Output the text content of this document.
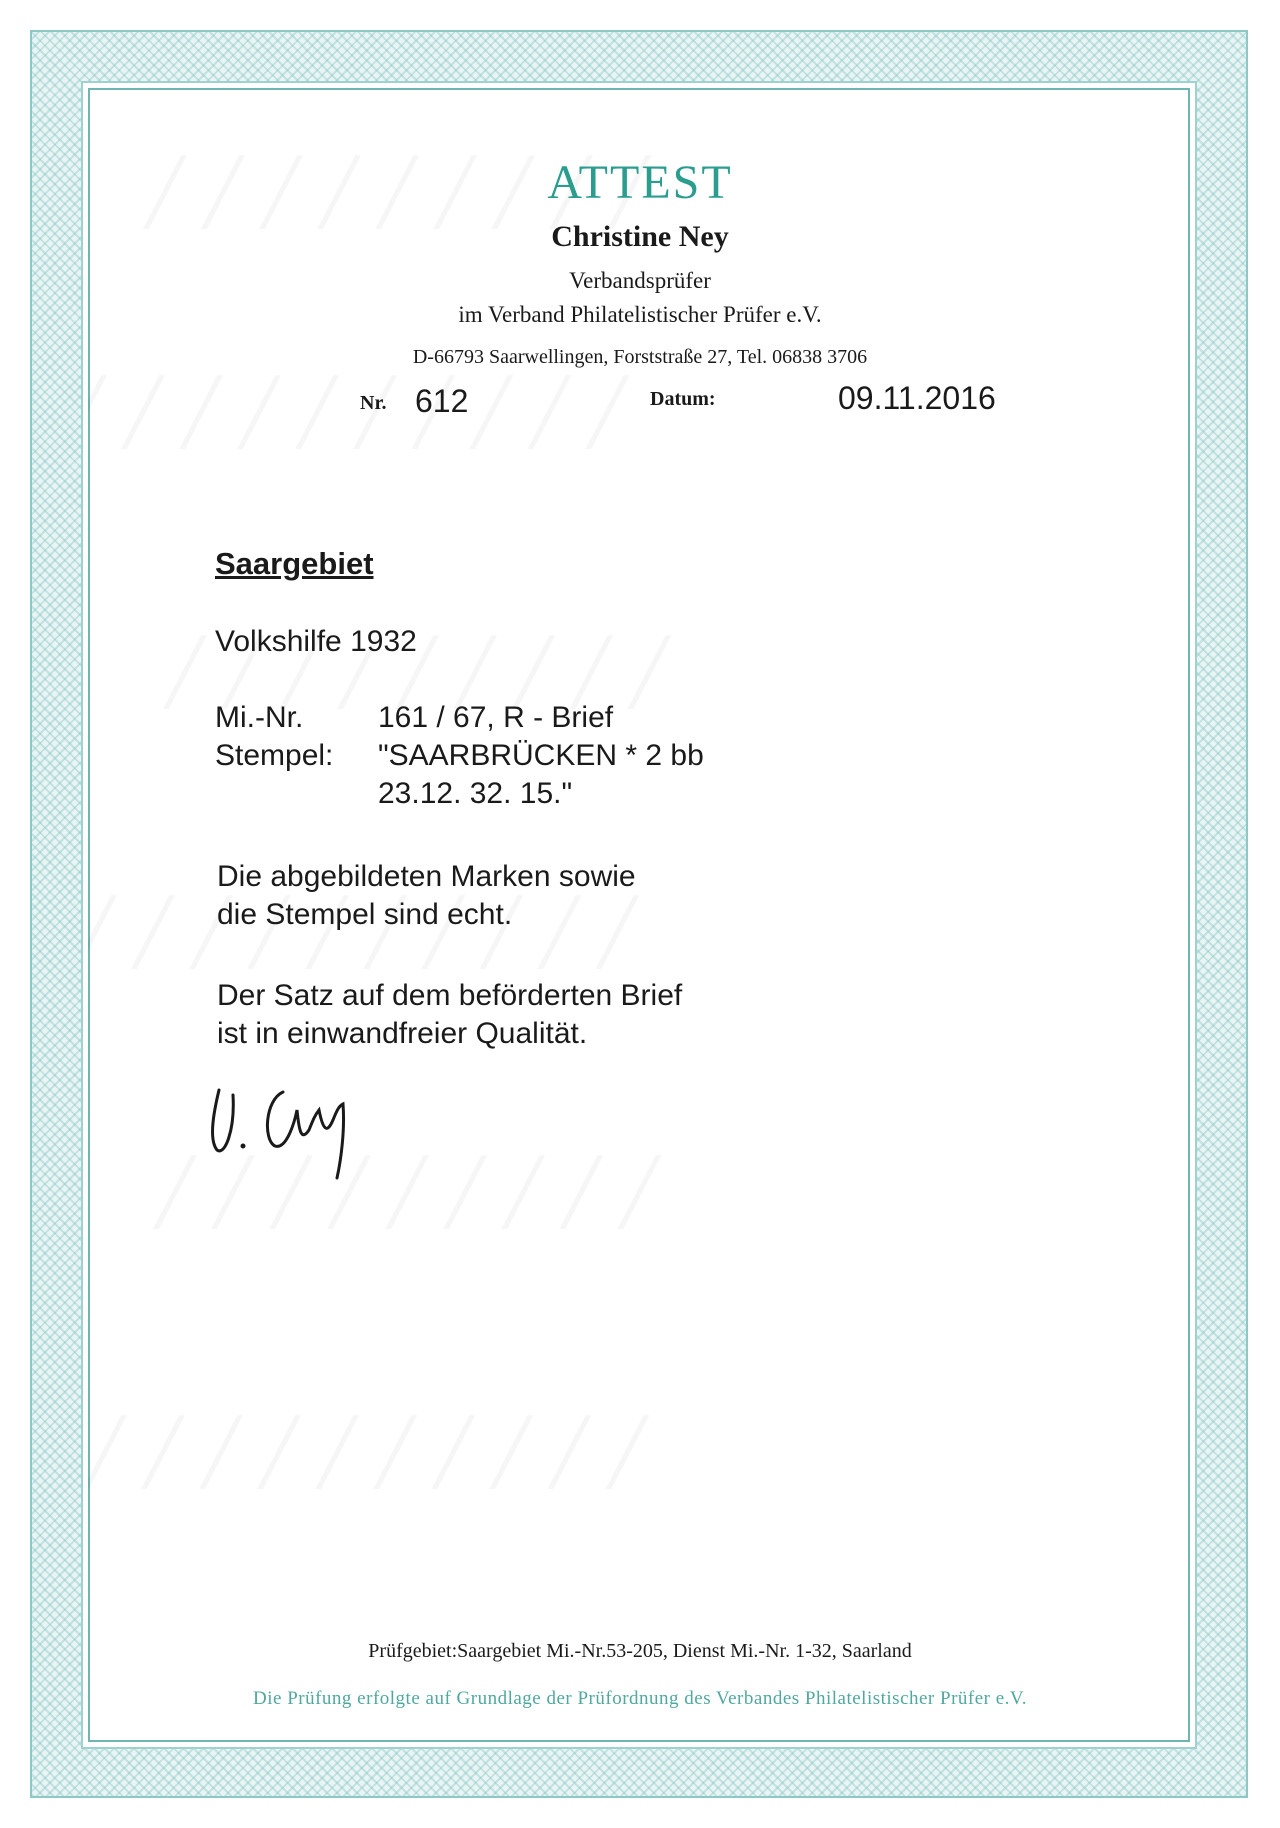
ATTEST
Christine Ney
Verbandsprüfer
im Verband Philatelistischer Prüfer e.V.
D-66793 Saarwellingen, Forststraße 27, Tel. 06838 3706
Nr. 612	Datum:	09.11.2016
Saargebiet
Volkshilfe 1932
Mi.-Nr.	161 / 67, R - Brief
Stempel:	"SAARBRÜCKEN * 2 bb
23.12. 32. 15."
Die abgebildeten Marken sowie
die Stempel sind echt.
Der Satz auf dem beförderten Brief
ist in einwandfreier Qualität.
Prüfgebiet:Saargebiet Mi.-Nr.53-205, Dienst Mi.-Nr. 1-32, Saarland
Die Prüfung erfolgte auf Grundlage der Prüfordnung des Verbandes Philatelistischer Prüfer e.V.
